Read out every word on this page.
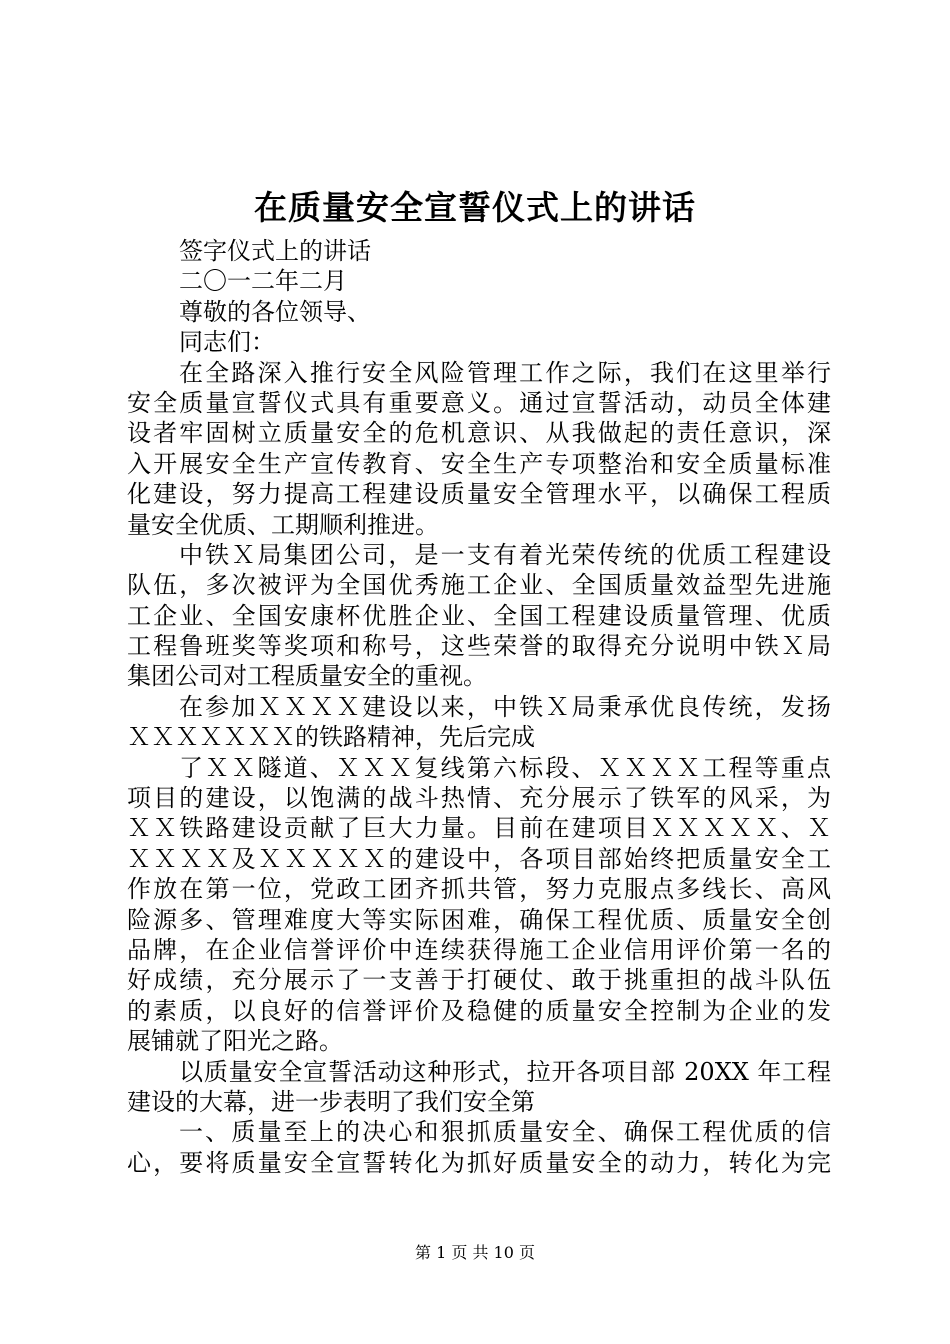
在质量安全宣誓仪式上的讲话
签字仪式上的讲话
二〇一二年二月
尊敬的各位领导、
同志们：
在全路深入推行安全风险管理工作之际，我们在这里举行
安全质量宣誓仪式具有重要意义。通过宣誓活动，动员全体建
设者牢固树立质量安全的危机意识、从我做起的责任意识，深
入开展安全生产宣传教育、安全生产专项整治和安全质量标准
化建设，努力提高工程建设质量安全管理水平，以确保工程质
量安全优质、工期顺利推进。
中铁Ｘ局集团公司，是一支有着光荣传统的优质工程建设
队伍，多次被评为全国优秀施工企业、全国质量效益型先进施
工企业、全国安康杯优胜企业、全国工程建设质量管理、优质
工程鲁班奖等奖项和称号，这些荣誉的取得充分说明中铁Ｘ局
集团公司对工程质量安全的重视。
在参加ＸＸＸＸ建设以来，中铁Ｘ局秉承优良传统，发扬
ＸＸＸＸＸＸＸ的铁路精神，先后完成
了ＸＸ隧道、ＸＸＸ复线第六标段、ＸＸＸＸ工程等重点
项目的建设，以饱满的战斗热情、充分展示了铁军的风采，为
ＸＸ铁路建设贡献了巨大力量。目前在建项目ＸＸＸＸＸ、Ｘ
ＸＸＸＸ及ＸＸＸＸＸ的建设中，各项目部始终把质量安全工
作放在第一位，党政工团齐抓共管，努力克服点多线长、高风
险源多、管理难度大等实际困难，确保工程优质、质量安全创
品牌，在企业信誉评价中连续获得施工企业信用评价第一名的
好成绩，充分展示了一支善于打硬仗、敢于挑重担的战斗队伍
的素质，以良好的信誉评价及稳健的质量安全控制为企业的发
展铺就了阳光之路。
以质量安全宣誓活动这种形式，拉开各项目部 20XX 年工程
建设的大幕，进一步表明了我们安全第
一、质量至上的决心和狠抓质量安全、确保工程优质的信
心，要将质量安全宣誓转化为抓好质量安全的动力，转化为完
第 1 页 共 10 页
